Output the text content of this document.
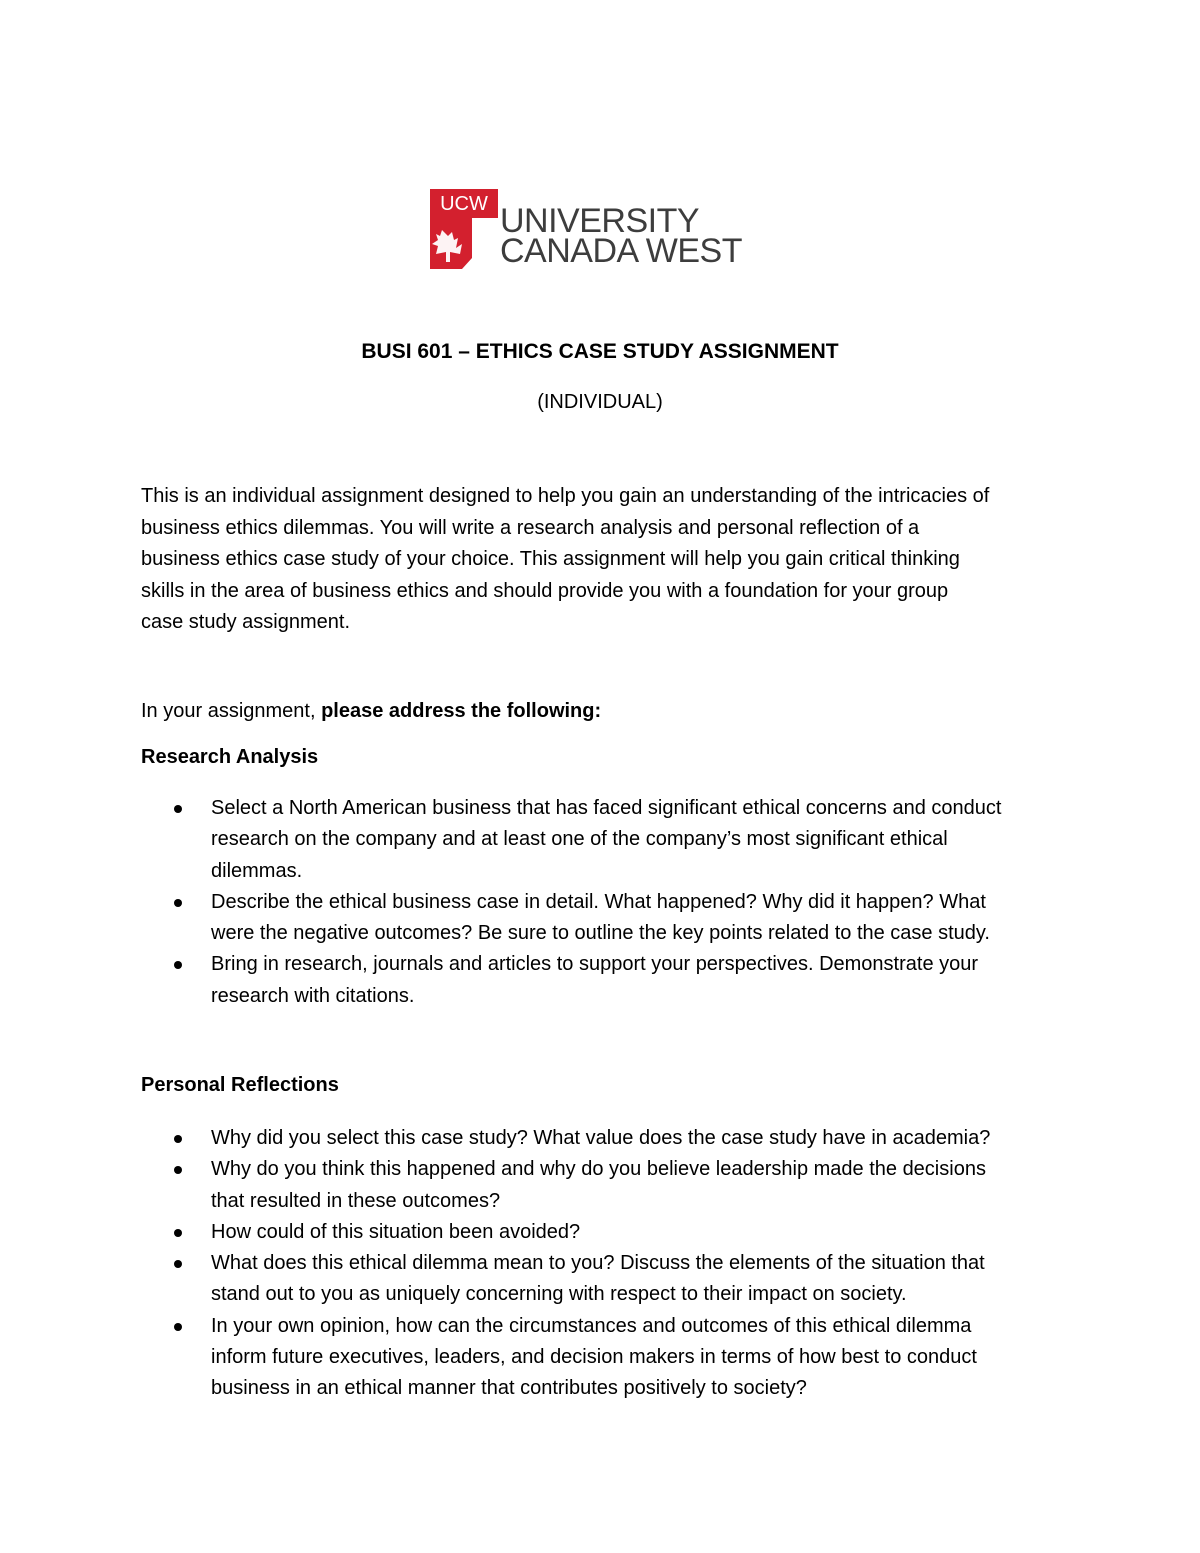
UCW UNIVERSITY
CANADA WEST
BUSI 601 – ETHICS CASE STUDY ASSIGNMENT
(INDIVIDUAL)

This is an individual assignment designed to help you gain an understanding of the intricacies of
business ethics dilemmas. You will write a research analysis and personal reflection of a
business ethics case study of your choice. This assignment will help you gain critical thinking
skills in the area of business ethics and should provide you with a foundation for your group
case study assignment.

In your assignment, please address the following:
Research Analysis
Select a North American business that has faced significant ethical concerns and conduct
research on the company and at least one of the company’s most significant ethical
dilemmas.
Describe the ethical business case in detail. What happened? Why did it happen? What
were the negative outcomes? Be sure to outline the key points related to the case study.
Bring in research, journals and articles to support your perspectives. Demonstrate your
research with citations.
Personal Reflections
Why did you select this case study? What value does the case study have in academia?
Why do you think this happened and why do you believe leadership made the decisions
that resulted in these outcomes?
How could of this situation been avoided?
What does this ethical dilemma mean to you? Discuss the elements of the situation that
stand out to you as uniquely concerning with respect to their impact on society.
In your own opinion, how can the circumstances and outcomes of this ethical dilemma
inform future executives, leaders, and decision makers in terms of how best to conduct
business in an ethical manner that contributes positively to society?
